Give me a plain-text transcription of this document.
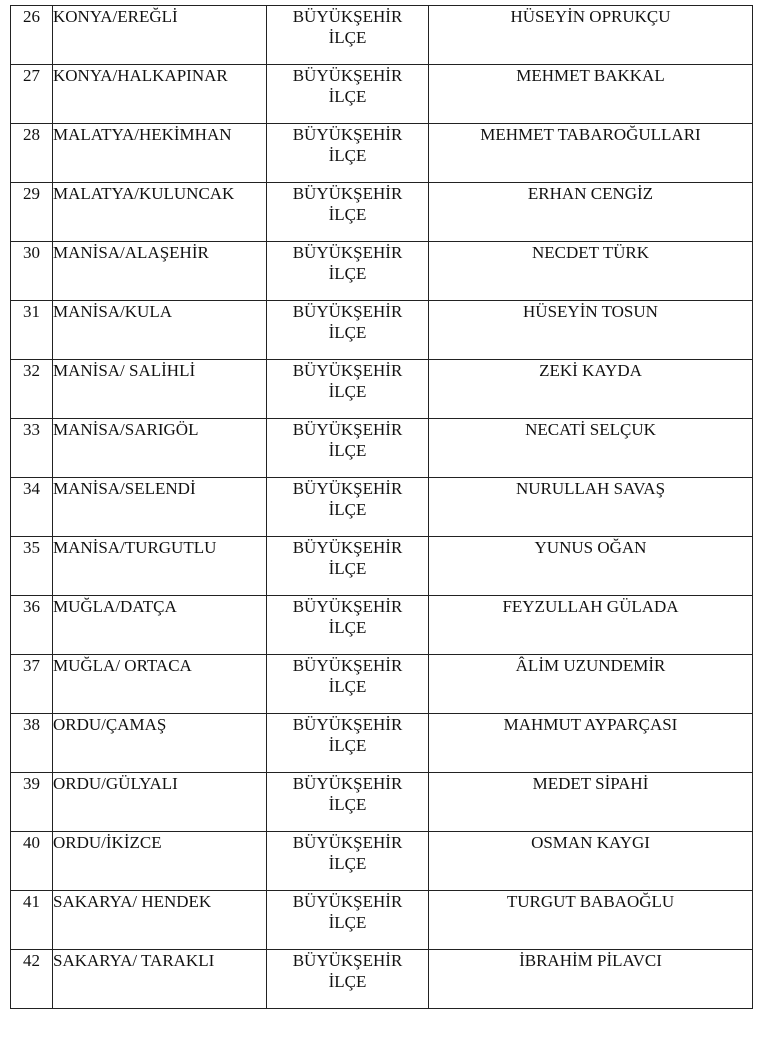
26	KONYA/EREĞLİ	BÜYÜKŞEHİR
İLÇE	HÜSEYİN OPRUKÇU
27	KONYA/HALKAPINAR	BÜYÜKŞEHİR
İLÇE	MEHMET BAKKAL
28	MALATYA/HEKİMHAN	BÜYÜKŞEHİR
İLÇE	MEHMET TABAROĞULLARI
29	MALATYA/KULUNCAK	BÜYÜKŞEHİR
İLÇE	ERHAN CENGİZ
30	MANİSA/ALAŞEHİR	BÜYÜKŞEHİR
İLÇE	NECDET TÜRK
31	MANİSA/KULA	BÜYÜKŞEHİR
İLÇE	HÜSEYİN TOSUN
32	MANİSA/ SALİHLİ	BÜYÜKŞEHİR
İLÇE	ZEKİ KAYDA
33	MANİSA/SARIGÖL	BÜYÜKŞEHİR
İLÇE	NECATİ SELÇUK
34	MANİSA/SELENDİ	BÜYÜKŞEHİR
İLÇE	NURULLAH SAVAŞ
35	MANİSA/TURGUTLU	BÜYÜKŞEHİR
İLÇE	YUNUS OĞAN
36	MUĞLA/DATÇA	BÜYÜKŞEHİR
İLÇE	FEYZULLAH GÜLADA
37	MUĞLA/ ORTACA	BÜYÜKŞEHİR
İLÇE	ÂLİM UZUNDEMİR
38	ORDU/ÇAMAŞ	BÜYÜKŞEHİR
İLÇE	MAHMUT AYPARÇASI
39	ORDU/GÜLYALI	BÜYÜKŞEHİR
İLÇE	MEDET SİPAHİ
40	ORDU/İKİZCE	BÜYÜKŞEHİR
İLÇE	OSMAN KAYGI
41	SAKARYA/ HENDEK	BÜYÜKŞEHİR
İLÇE	TURGUT BABAOĞLU
42	SAKARYA/ TARAKLI	BÜYÜKŞEHİR
İLÇE	İBRAHİM PİLAVCI
